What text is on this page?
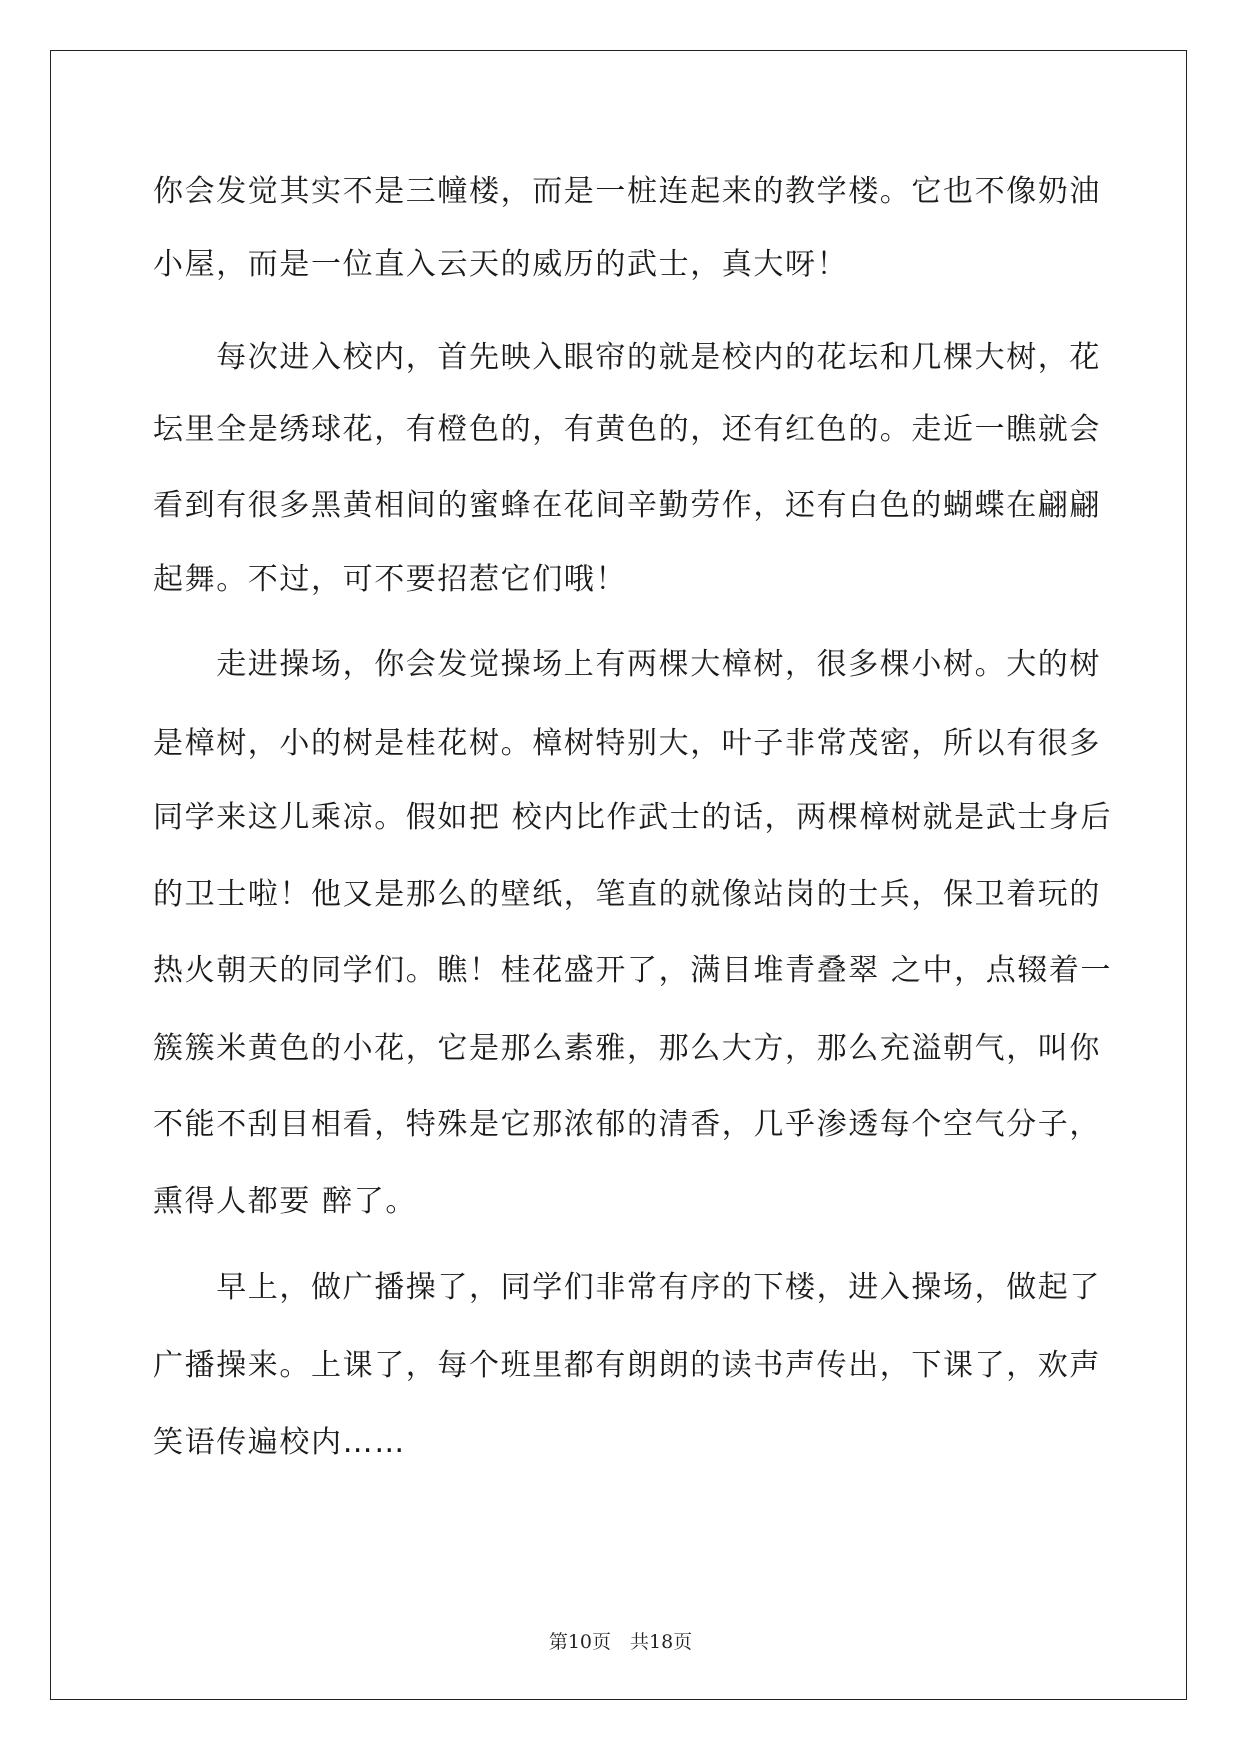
你会发觉其实不是三幢楼，而是一桩连起来的教学楼。它也不像奶油
小屋，而是一位直入云天的威历的武士，真大呀！
　　每次进入校内，首先映入眼帘的就是校内的花坛和几棵大树，花
坛里全是绣球花，有橙色的，有黄色的，还有红色的。走近一瞧就会
看到有很多黑黄相间的蜜蜂在花间辛勤劳作，还有白色的蝴蝶在翩翩
起舞。不过，可不要招惹它们哦！
　　走进操场，你会发觉操场上有两棵大樟树，很多棵小树。大的树
是樟树，小的树是桂花树。樟树特别大，叶子非常茂密，所以有很多
同学来这儿乘凉。假如把 校内比作武士的话，两棵樟树就是武士身后
的卫士啦！他又是那么的壁纸，笔直的就像站岗的士兵，保卫着玩的
热火朝天的同学们。瞧！桂花盛开了，满目堆青叠翠 之中，点辍着一
簇簇米黄色的小花，它是那么素雅，那么大方，那么充溢朝气，叫你
不能不刮目相看，特殊是它那浓郁的清香，几乎渗透每个空气分子，
熏得人都要 醉了。
　　早上，做广播操了，同学们非常有序的下楼，进入操场，做起了
广播操来。上课了，每个班里都有朗朗的读书声传出，下课了，欢声
笑语传遍校内……
第10页　共18页
